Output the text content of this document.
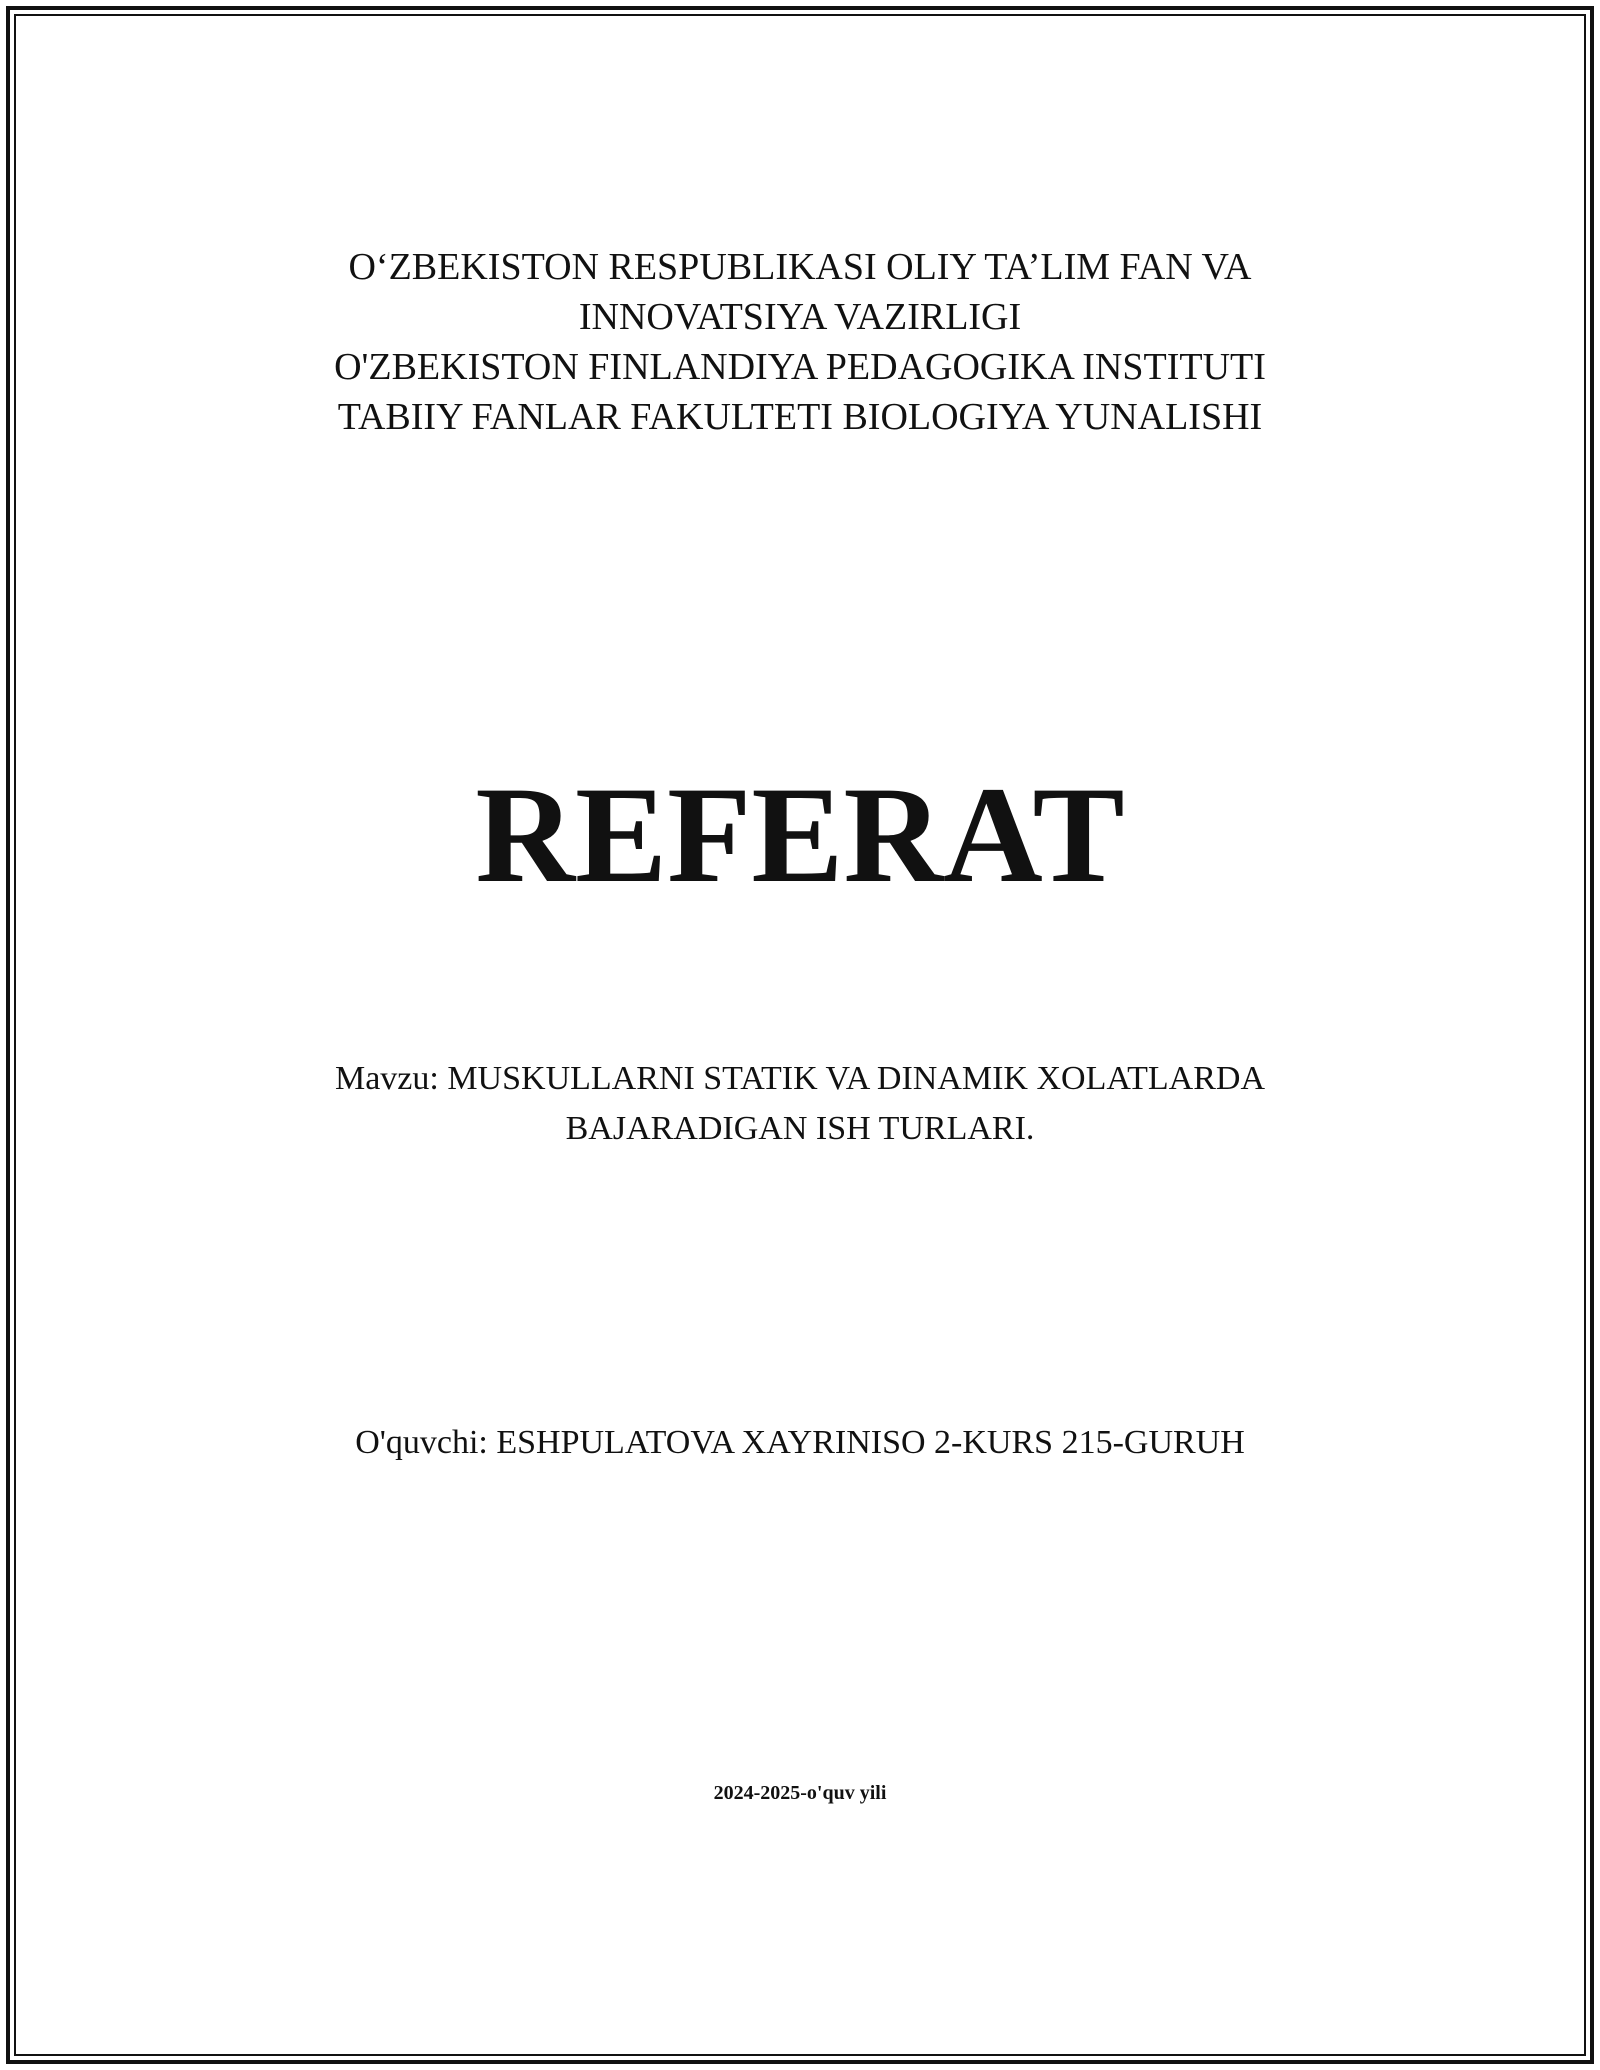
O‘ZBEKISTON RESPUBLIKASI OLIY TA’LIM FAN VA
INNOVATSIYA VAZIRLIGI
O'ZBEKISTON FINLANDIYA PEDAGOGIKA INSTITUTI
TABIIY FANLAR FAKULTETI BIOLOGIYA YUNALISHI
REFERAT
Mavzu: MUSKULLARNI STATIK VA DINAMIK XOLATLARDA
BAJARADIGAN ISH TURLARI.
O'quvchi: ESHPULATOVA XAYRINISO 2-KURS 215-GURUH
2024-2025-o'quv yili
